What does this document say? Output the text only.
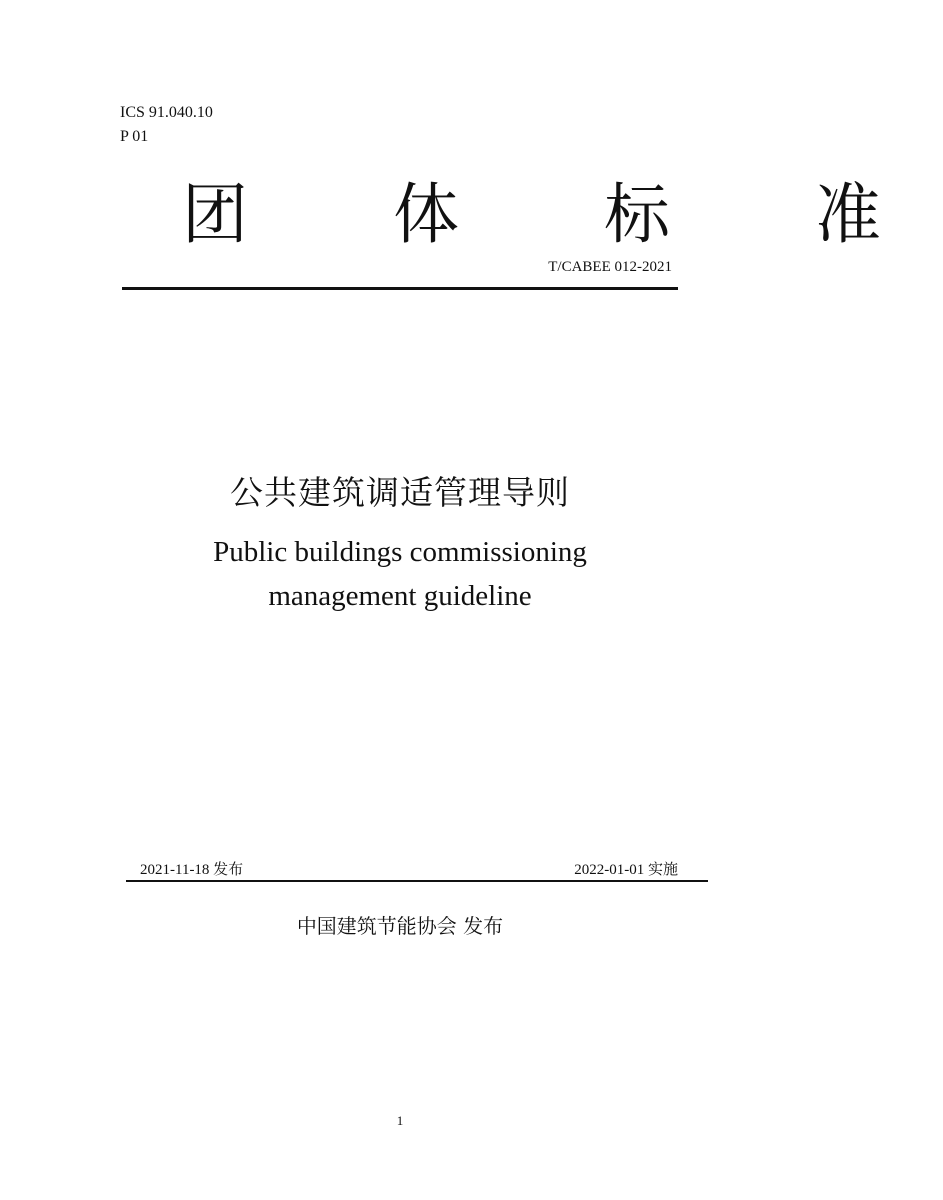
ICS 91.040.10
P 01
团 体 标 准
T/CABEE 012-2021
公共建筑调适管理导则
Public buildings commissioning management guideline
2021-11-18 发布	2022-01-01 实施
中国建筑节能协会 发布
1
